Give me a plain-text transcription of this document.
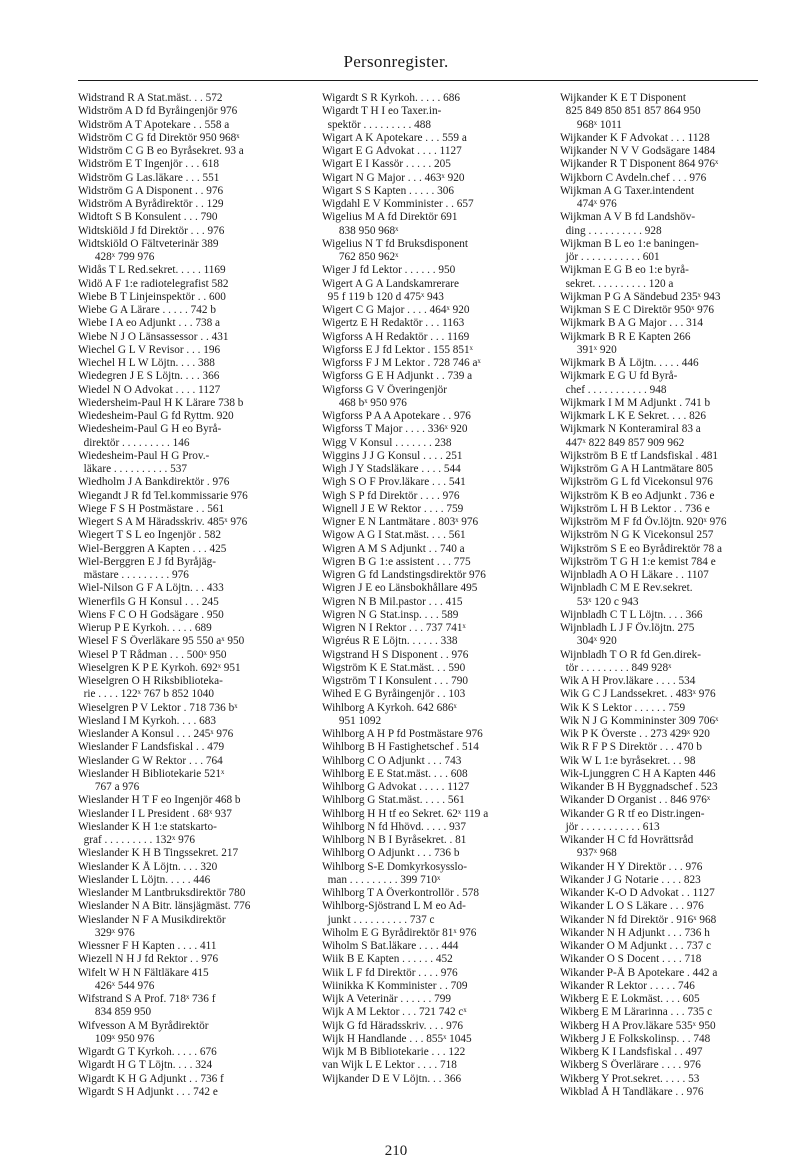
Personregister.
Widstrand R A Stat.mäst. . . 572
Widström A D fd Byråingenjör 976
Widström A T Apotekare . . 558 a
Widström C G fd Direktör 950 968ˣ
Widström C G B eo Byråsekret. 93 a
Widström E T Ingenjör . . . 618
Widström G Las.läkare . . . 551
Widström G A Disponent . . 976
Widström A Byrådirektör . . 129
Widtoft S B Konsulent . . . 790
Widtskiöld J fd Direktör . . . 976
Widtskiöld O Fältveterinär 389
428ˣ 799 976
Widås T L Red.sekret. . . . . 1169
Widö A F 1:e radiotelegrafist 582
Wiebe B T Linjeinspektör . . 600
Wiebe G A Lärare . . . . . 742 b
Wiebe I A eo Adjunkt . . . 738 a
Wiebe N J O Länsassessor . . 431
Wiechel G L V Revisor . . . 196
Wiechel H L W Löjtn. . . . 388
Wiedegren J E S Löjtn. . . . 366
Wiedel N O Advokat . . . . 1127
Wiedersheim-Paul H K Lärare 738 b
Wiedesheim-Paul G fd Ryttm. 920
Wiedesheim-Paul G H eo Byrå-
direktör . . . . . . . . . 146
Wiedesheim-Paul H G Prov.-
läkare . . . . . . . . . . 537
Wiedholm J A Bankdirektör . 976
Wiegandt J R fd Tel.kommissarie 976
Wiege F S H Postmästare . . 561
Wiegert S A M Häradsskriv. 485ˣ 976
Wiegert T S L eo Ingenjör . 582
Wiel-Berggren A Kapten . . . 425
Wiel-Berggren E J fd Byråjäg-
mästare . . . . . . . . . 976
Wiel-Nilson G F A Löjtn. . . 433
Wienerfils G H Konsul . . . 245
Wiens F C O H Godsägare . 950
Wierup P E Kyrkoh. . . . . 689
Wiesel F S Överläkare 95 550 aˣ 950
Wiesel P T Rådman . . . 500ˣ 950
Wieselgren K P E Kyrkoh. 692ˣ 951
Wieselgren O H Riksbibliotekа-
rie . . . . 122ˣ 767 b 852 1040
Wieselgren P V Lektor . 718 736 bˣ
Wiesland I M Kyrkoh. . . . 683
Wieslander A Konsul . . . 245ˣ 976
Wieslander F Landsfiskal . . 479
Wieslander G W Rektor . . . 764
Wieslander H Bibliotekarie 521ˣ
767 a 976
Wieslander H T F eo Ingenjör 468 b
Wieslander I L President . 68ˣ 937
Wieslander K H 1:e statskarto-
graf . . . . . . . . . 132ˣ 976
Wieslander K H B Tingssekret. 217
Wieslander K Å Löjtn. . . . 320
Wieslander L Löjtn. . . . . 446
Wieslander M Lantbruksdirektör 780
Wieslander N A Bitr. länsjägmäst. 776
Wieslander N F A Musikdirektör
329ˣ 976
Wiessner F H Kapten . . . . 411
Wiezell N H J fd Rektor . . 976
Wifelt W H N Fältläkare 415
426ˣ 544 976
Wifstrand S A Prof. 718ˣ 736 f
834 859 950
Wifvesson A M Byrådirektör
109ˣ 950 976
Wigardt G T Kyrkoh. . . . . 676
Wigardt H G T Löjtn. . . . 324
Wigardt K H G Adjunkt . . 736 f
Wigardt S H Adjunkt . . . 742 e
Wigardt S R Kyrkoh. . . . . 686
Wigardt T H I eo Taxer.in-
spektör . . . . . . . . . 488
Wigart A K Apotekare . . . 559 a
Wigart E G Advokat . . . . 1127
Wigart E I Kassör . . . . . 205
Wigart N G Major . . . 463ˣ 920
Wigart S S Kapten . . . . . 306
Wigdahl E V Komminister . . 657
Wigelius M A fd Direktör 691
838 950 968ˣ
Wigelius N T fd Bruksdisponent
762 850 962ˣ
Wiger J fd Lektor . . . . . . 950
Wigert A G A Landskamrerare
95 f 119 b 120 d 475ˣ 943
Wigert C G Major . . . . 464ˣ 920
Wigertz E H Redaktör . . . 1163
Wigforss A H Redaktör . . . 1169
Wigforss E J fd Lektor . 155 851ˣ
Wigforss F J M Lektor . 728 746 aˣ
Wigforss G E H Adjunkt . . 739 a
Wigforss G V Överingenjör
468 bˣ 950 976
Wigforss P A A Apotekare . . 976
Wigforss T Major . . . . 336ˣ 920
Wigg V Konsul . . . . . . . 238
Wiggins J J G Konsul . . . . 251
Wigh J Y Stadsläkare . . . . 544
Wigh S O F Prov.läkare . . . 541
Wigh S P fd Direktör . . . . 976
Wignell J E W Rektor . . . . 759
Wigner E N Lantmätare . 803ˣ 976
Wigow A G I Stat.mäst. . . . 561
Wigren A M S Adjunkt . . 740 a
Wigren B G 1:e assistent . . . 775
Wigren G fd Landstingsdirektör 976
Wigren J E eo Länsbokhållare 495
Wigren N B Mil.pastor . . . 415
Wigren N G Stat.insp. . . . 589
Wigren N I Rektor . . . 737 741ˣ
Wigréus R E Löjtn. . . . . . 338
Wigstrand H S Disponent . . 976
Wigström K E Stat.mäst. . . 590
Wigström T I Konsulent . . . 790
Wihed E G Byråingenjör . . 103
Wihlborg A Kyrkoh. 642 686ˣ
951 1092
Wihlborg A H P fd Postmästare 976
Wihlborg B H Fastighetschef . 514
Wihlborg C O Adjunkt . . . 743
Wihlborg E E Stat.mäst. . . . 608
Wihlborg G Advokat . . . . . 1127
Wihlborg G Stat.mäst. . . . . 561
Wihlborg H H tf eo Sekret. 62ˣ 119 a
Wihlborg N fd Hhövd. . . . . 937
Wihlborg N B I Byråsekret. . 81
Wihlborg O Adjunkt . . . 736 b
Wihlborg S-E Domkyrkosysslo-
man . . . . . . . . . 399 710ˣ
Wihlborg T A Överkontrollör . 578
Wihlborg-Sjöstrand L M eo Ad-
junkt . . . . . . . . . . 737 c
Wiholm E G Byrådirektör 81ˣ 976
Wiholm S Bat.läkare . . . . 444
Wiik B E Kapten . . . . . . 452
Wiik L F fd Direktör . . . . 976
Wiinikka K Komminister . . 709
Wijk A Veterinär . . . . . . 799
Wijk A M Lektor . . . 721 742 cˣ
Wijk G fd Häradsskriv. . . . 976
Wijk H Handlande . . . 855ˣ 1045
Wijk M B Bibliotekarie . . . 122
van Wijk L E Lektor . . . . 718
Wijkander D E V Löjtn. . . 366
Wijkander K E T Disponent
825 849 850 851 857 864 950
968ˣ 1011
Wijkander K F Advokat . . . 1128
Wijkander N V V Godsägare 1484
Wijkander R T Disponent 864 976ˣ
Wijkborn C Avdeln.chef . . . 976
Wijkman A G Taxer.intendent
474ˣ 976
Wijkman A V B fd Landshöv-
ding . . . . . . . . . . 928
Wijkman B L eo 1:e baningen-
jör . . . . . . . . . . . 601
Wijkman E G B eo 1:e byrå-
sekret. . . . . . . . . . 120 a
Wijkman P G A Sändebud 235ˣ 943
Wijkman S E C Direktör 950ˣ 976
Wijkmark B A G Major . . . 314
Wijkmark B R E Kapten 266
391ˣ 920
Wijkmark B Å Löjtn. . . . . 446
Wijkmark E G U fd Byrå-
chef . . . . . . . . . . . 948
Wijkmark I M M Adjunkt . 741 b
Wijkmark L K E Sekret. . . . 826
Wijkmark N Konteramiral 83 a
447ˣ 822 849 857 909 962
Wijkström B E tf Landsfiskal . 481
Wijkström G A H Lantmätare 805
Wijkström G L fd Vicekonsul 976
Wijkström K B eo Adjunkt . 736 e
Wijkström L H B Lektor . . 736 e
Wijkström M F fd Öv.löjtn. 920ˣ 976
Wijkström N G K Vicekonsul 257
Wijkström S E eo Byrådirektör 78 a
Wijkström T G H 1:e kemist 784 e
Wijnbladh A O H Läkare . . 1107
Wijnbladh C M E Rev.sekret.
53ˣ 120 c 943
Wijnbladh C T L Löjtn. . . . 366
Wijnbladh L J F Öv.löjtn. 275
304ˣ 920
Wijnbladh T O R fd Gen.direk-
tör . . . . . . . . . 849 928ˣ
Wik A H Prov.läkare . . . . 534
Wik G C J Landssekret. . 483ˣ 976
Wik K S Lektor . . . . . . 759
Wik N J G Kommininster 309 706ˣ
Wik P K Överste . . 273 429ˣ 920
Wik R F P S Direktör . . . 470 b
Wik W L 1:e byråsekret. . . 98
Wik-Ljunggren C H A Kapten 446
Wikander B H Byggnadschef . 523
Wikander D Organist . . 846 976ˣ
Wikander G R tf eo Distr.ingen-
jör . . . . . . . . . . . 613
Wikander H C fd Hovrättsråd
937ˣ 968
Wikander H Y Direktör . . . 976
Wikander J G Notarie . . . . 823
Wikander K-O D Advokat . . 1127
Wikander L O S Läkare . . . 976
Wikander N fd Direktör . 916ˣ 968
Wikander N H Adjunkt . . . 736 h
Wikander O M Adjunkt . . . 737 c
Wikander O S Docent . . . . 718
Wikander P-Å B Apotekare . 442 a
Wikander R Lektor . . . . . 746
Wikberg E E Lokmäst. . . . 605
Wikberg E M Lärarinna . . . 735 c
Wikberg H A Prov.läkare 535ˣ 950
Wikberg J E Folkskolinsp. . . 748
Wikberg K I Landsfiskal . . 497
Wikberg S Överlärare . . . . 976
Wikberg Y Prot.sekret. . . . . 53
Wikblad Å H Tandläkare . . 976
210
